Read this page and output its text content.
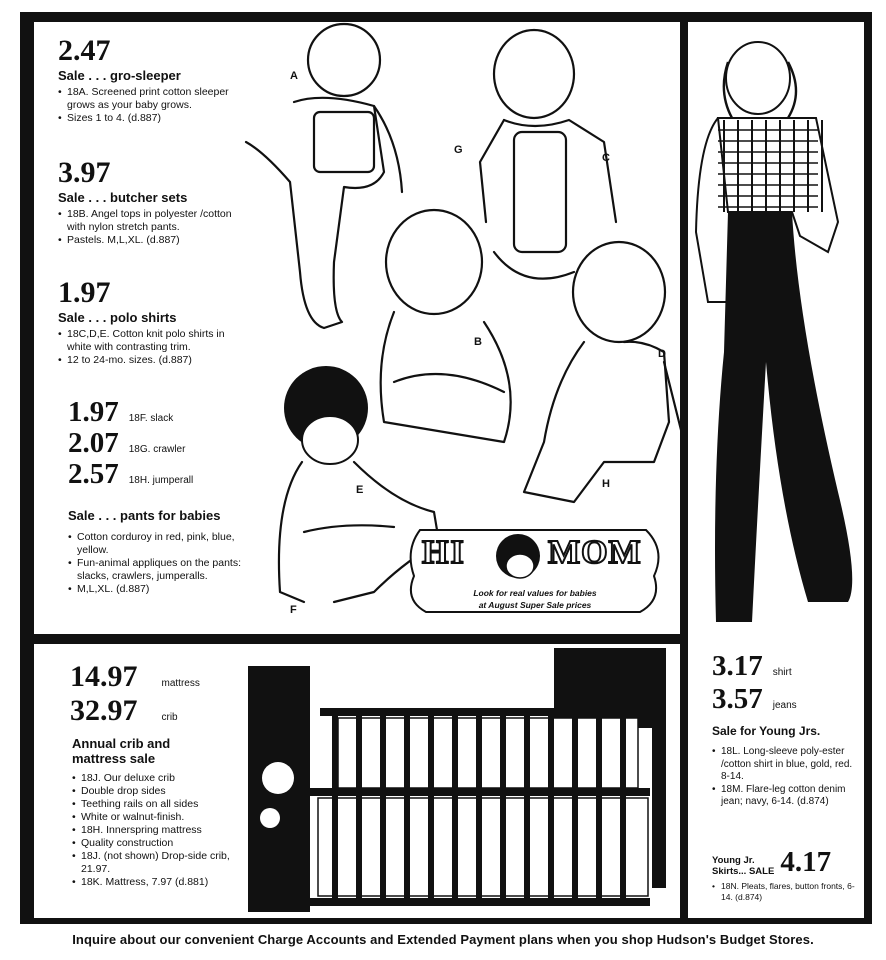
2.47
Sale . . . gro-sleeper
• 18A. Screened print cotton sleeper grows as your baby grows.
• Sizes 1 to 4. (d.887)
3.97
Sale . . . butcher sets
• 18B. Angel tops in polyester /cotton with nylon stretch pants.
• Pastels. M,L,XL. (d.887)
1.97
Sale . . . polo shirts
• 18C,D,E. Cotton knit polo shirts in white with contrasting trim.
• 12 to 24-mo. sizes. (d.887)
1.97 18F. slack
2.07 18G. crawler
2.57 18H. jumperall
Sale . . . pants for babies
• Cotton corduroy in red, pink, blue, yellow.
• Fun-animal appliques on the pants: slacks, crawlers, jumperalls.
• M,L,XL. (d.887)
A
G
C
B
D
E	H
F
HI MOM
Look for real values for babies
at August Super Sale prices
14.97 mattress
32.97 crib
Annual crib and
mattress sale
• 18J. Our deluxe crib
• Double drop sides
• Teething rails on all sides
• White or walnut-finish.
• 18H. Innerspring mattress
• Quality construction
• 18J. (not shown) Drop-side crib, 21.97.
• 18K. Mattress, 7.97 (d.881)
3.17 shirt
3.57 jeans
Sale for Young Jrs.
• 18L. Long-sleeve poly-ester /cotton shirt in blue, gold, red. 8-14.
• 18M. Flare-leg cotton denim jean; navy, 6-14. (d.874)
Young Jr.
Skirts... SALE 4.17
• 18N. Pleats, flares, button fronts, 6-14. (d.874)
Inquire about our convenient Charge Accounts and Extended Payment plans when you shop Hudson's Budget Stores.
